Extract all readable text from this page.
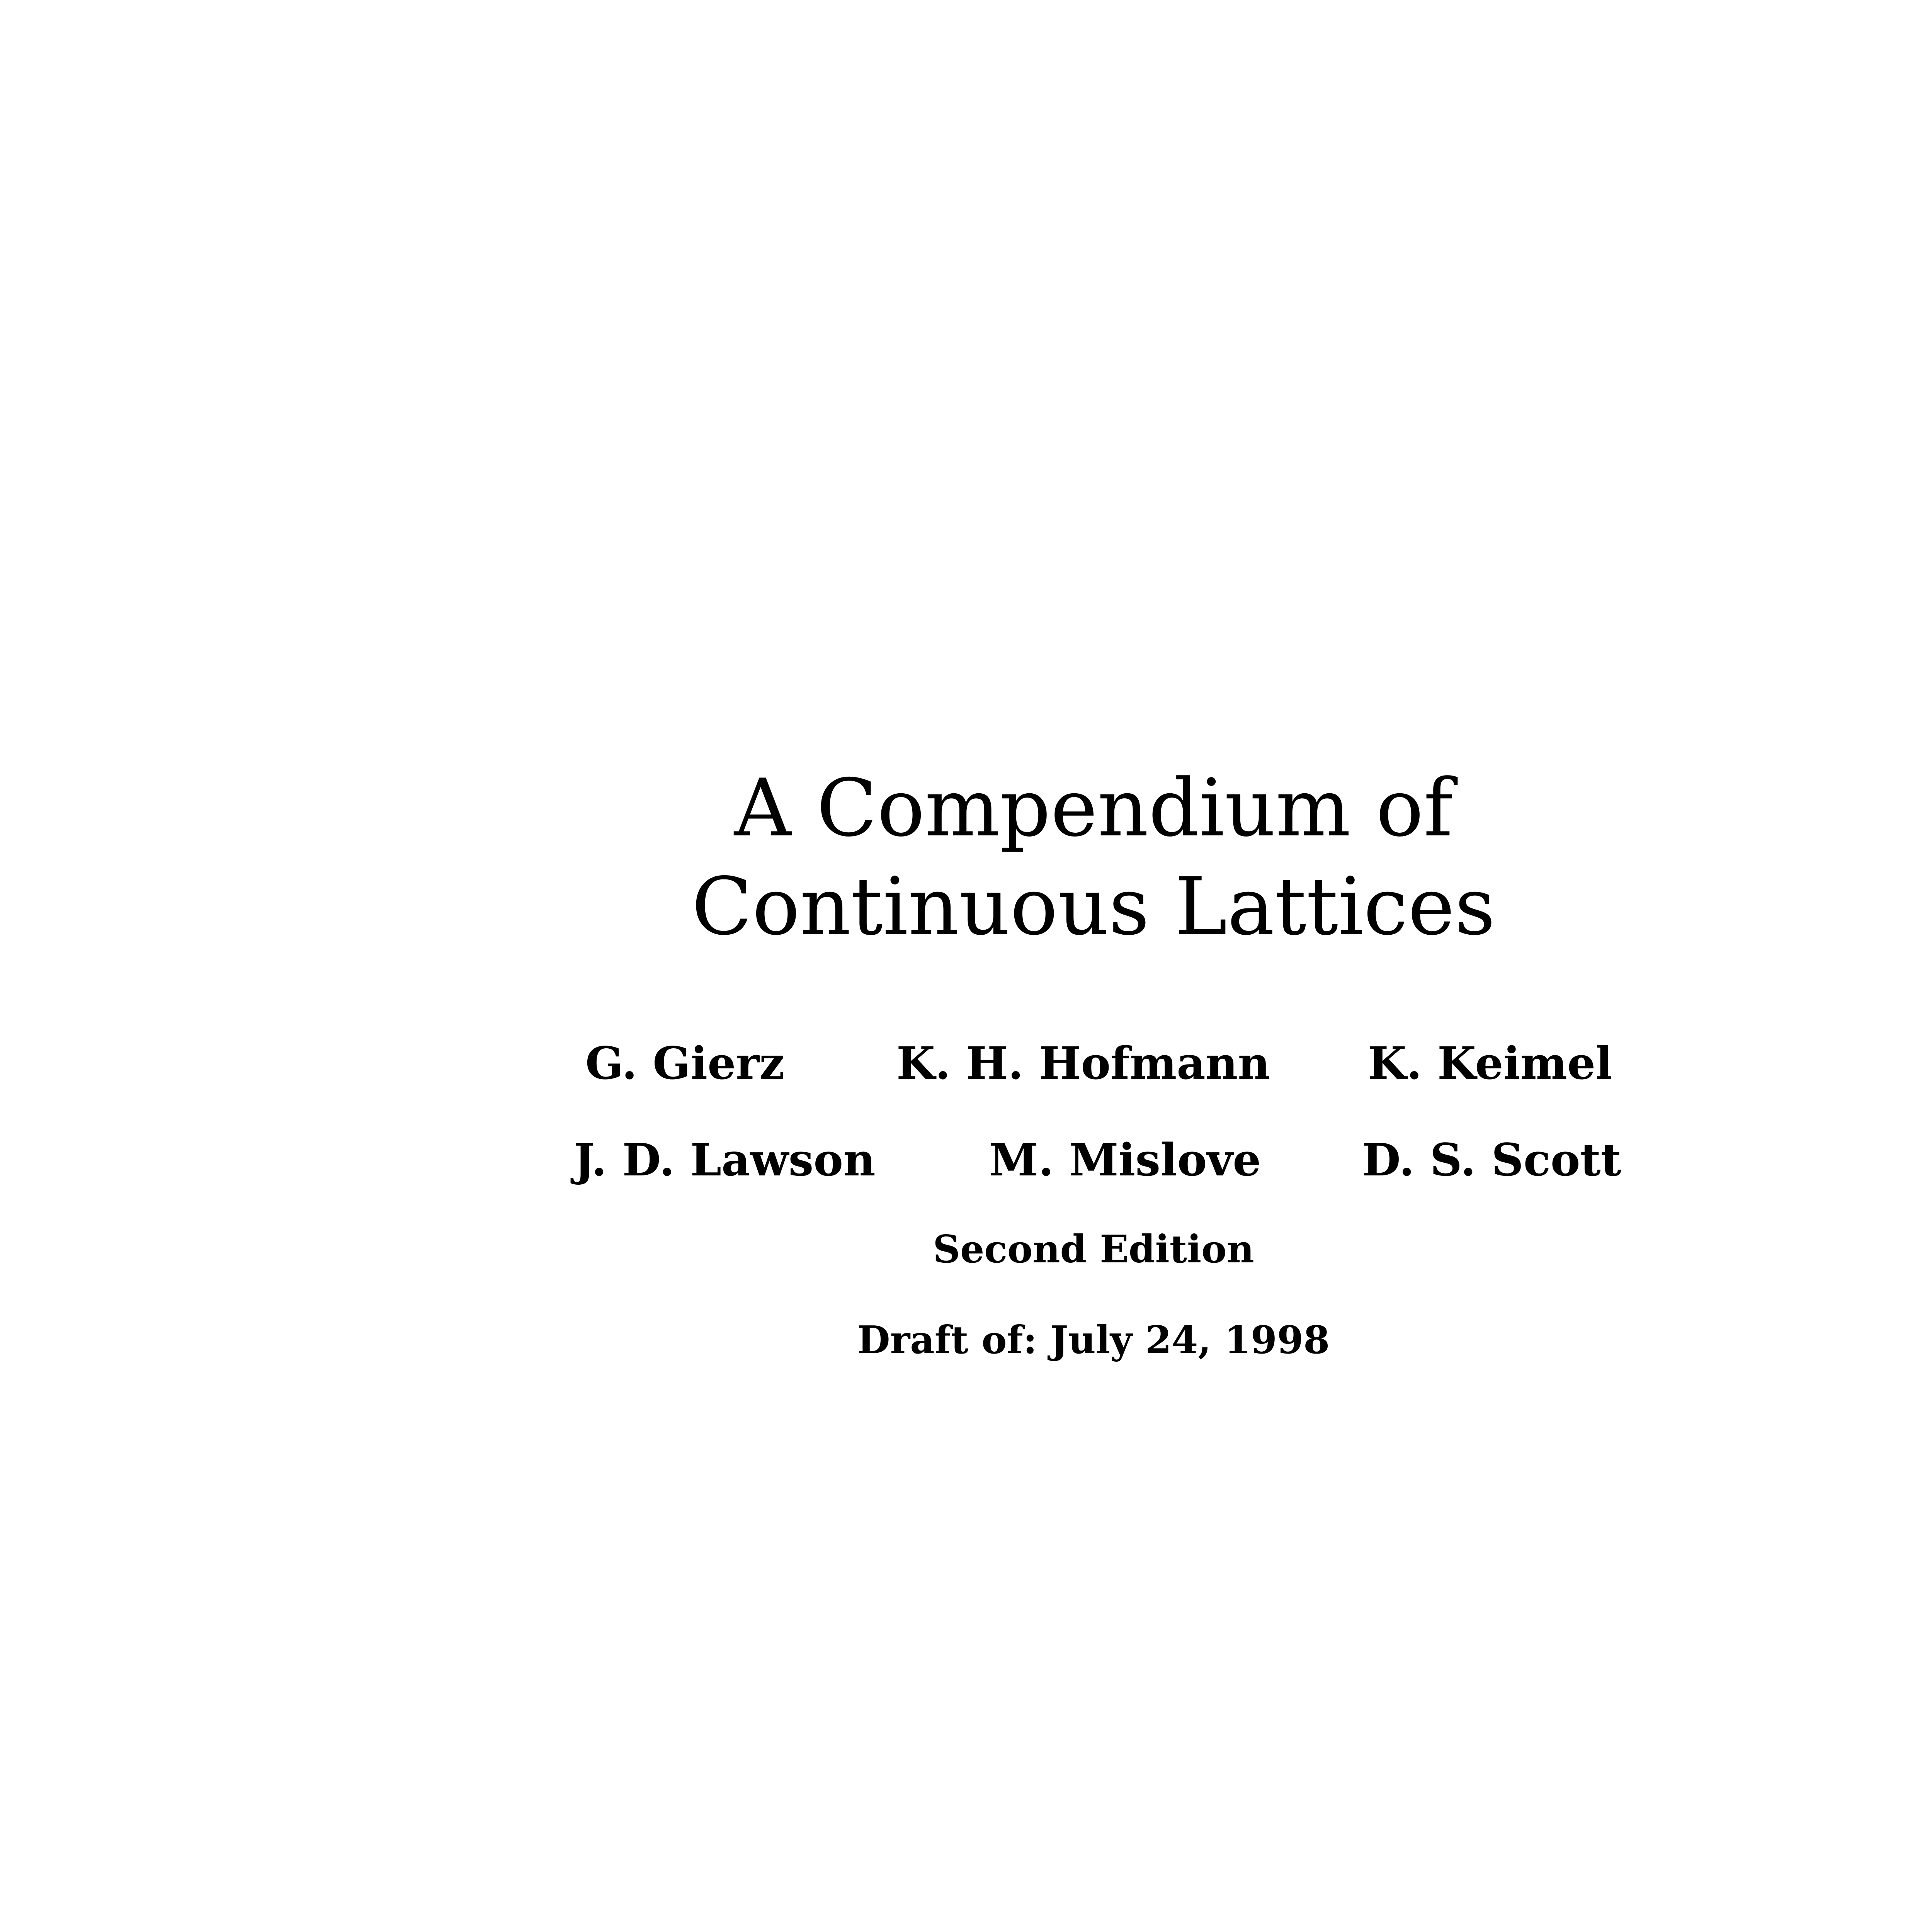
A Compendium of
Continuous Lattices
G. Gierz	K. H. Hofmann K. Keimel
J. D. Lawson	M. Mislove D. S. Scott
Second Edition
Draft of: July 24, 1998
